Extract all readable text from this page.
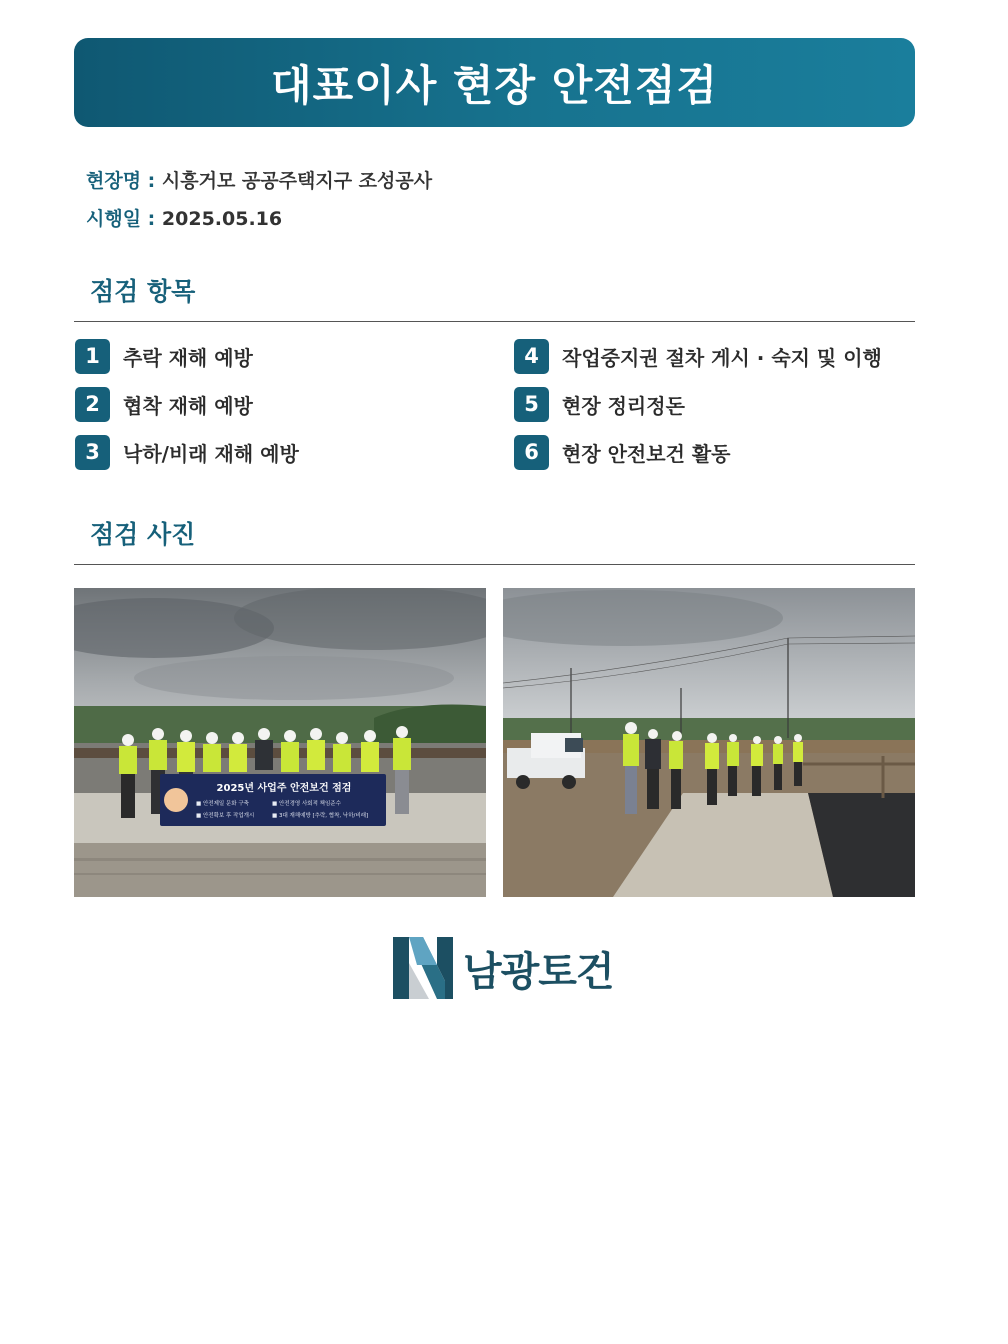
대표이사 현장 안전점검
현장명 : 시흥거모 공공주택지구 조성공사
시행일 : 2025.05.16
점검 항목
1	추락 재해 예방
2	협착 재해 예방
3	낙하/비래 재해 예방
4	작업중지권 절차 게시 · 숙지 및 이행
5	현장 정리정돈
6	현장 안전보건 활동
점검 사진
2025년 사업주 안전보건 점검
■ 안전제일 문화 구축	■ 안전경영 사회적 책임준수
■ 안전확보 후 작업개시	■ 3대 재해예방 [추락, 협착, 낙하/비래]
남광토건
